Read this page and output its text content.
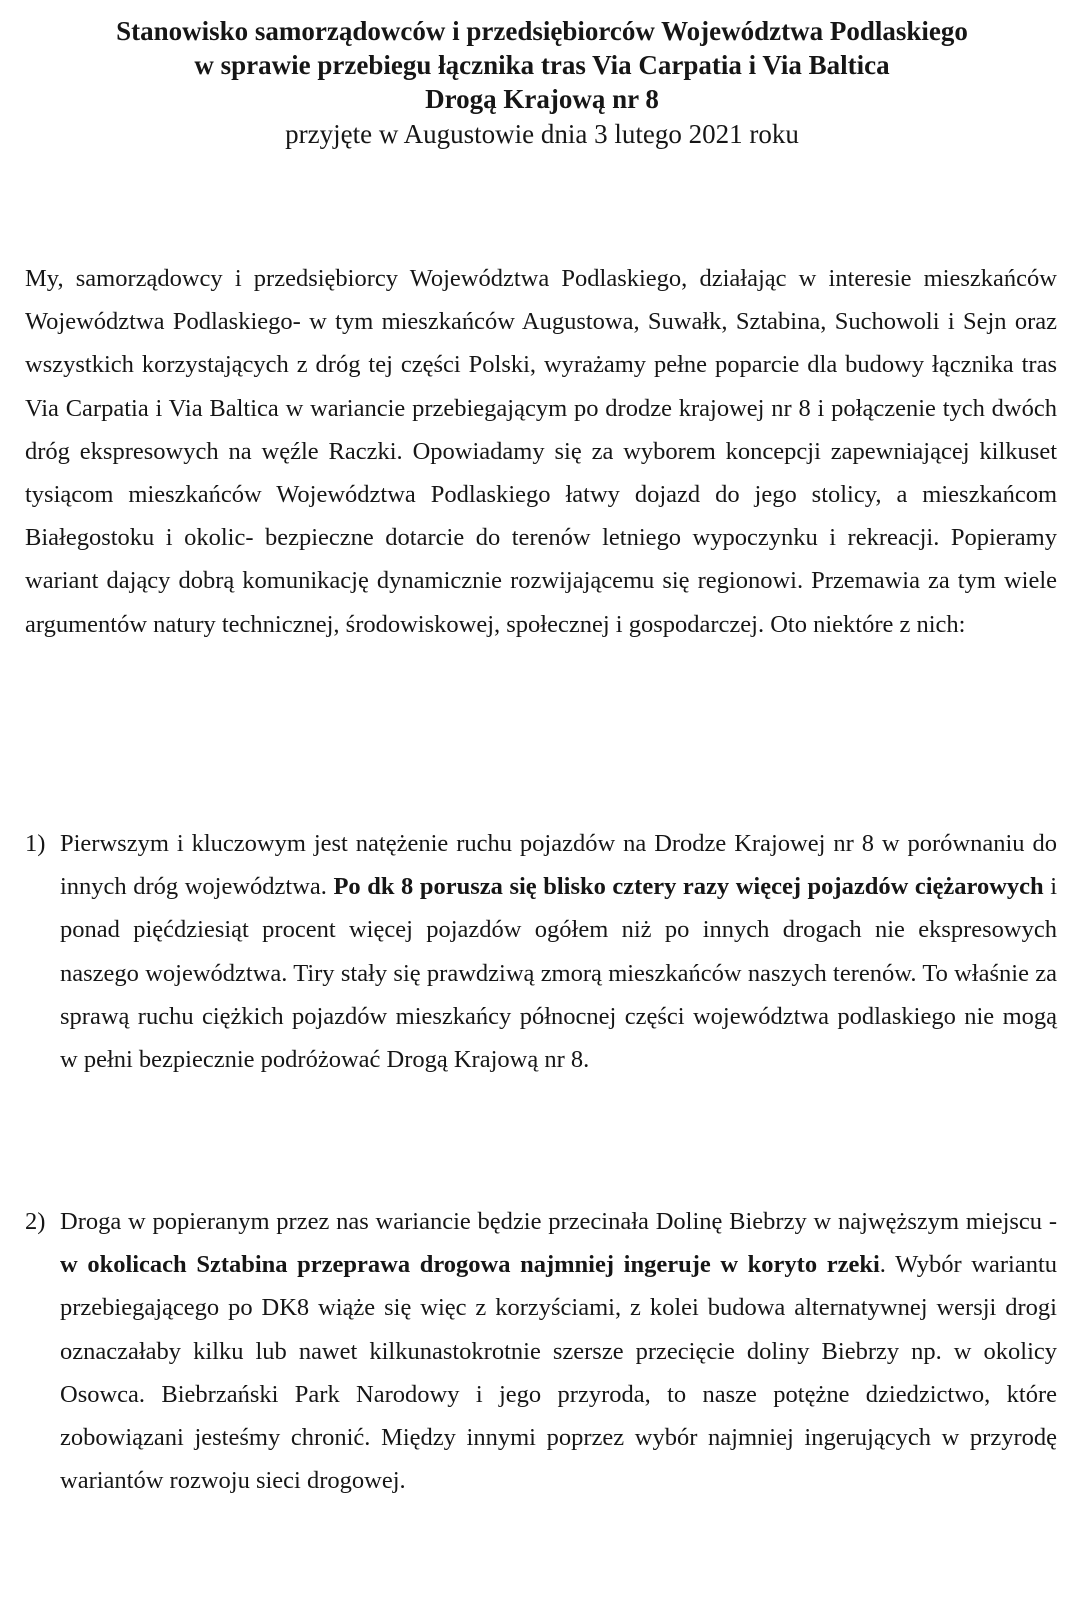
Stanowisko samorządowców i przedsiębiorców Województwa Podlaskiego
w sprawie przebiegu łącznika tras Via Carpatia i Via Baltica
Drogą Krajową nr 8
przyjęte w Augustowie dnia 3 lutego 2021 roku

My, samorządowcy i przedsiębiorcy Województwa Podlaskiego, działając w interesie mieszkańców Województwa Podlaskiego- w tym mieszkańców Augustowa, Suwałk, Sztabina, Suchowoli i Sejn oraz wszystkich korzystających z dróg tej części Polski, wyrażamy pełne poparcie dla budowy łącznika tras Via Carpatia i Via Baltica w wariancie przebiegającym po drodze krajowej nr 8 i połączenie tych dwóch dróg ekspresowych na węźle Raczki. Opowiadamy się za wyborem koncepcji zapewniającej kilkuset tysiącom mieszkańców Województwa Podlaskiego łatwy dojazd do jego stolicy, a mieszkańcom Białegostoku i okolic- bezpieczne dotarcie do terenów letniego wypoczynku i rekreacji. Popieramy wariant dający dobrą komunikację dynamicznie rozwijającemu się regionowi. Przemawia za tym wiele argumentów natury technicznej, środowiskowej, społecznej i gospodarczej. Oto niektóre z nich:

1) Pierwszym i kluczowym jest natężenie ruchu pojazdów na Drodze Krajowej nr 8 w porównaniu do innych dróg województwa. Po dk 8 porusza się blisko cztery razy więcej pojazdów ciężarowych i ponad pięćdziesiąt procent więcej pojazdów ogółem niż po innych drogach nie ekspresowych naszego województwa. Tiry stały się prawdziwą zmorą mieszkańców naszych terenów. To właśnie za sprawą ruchu ciężkich pojazdów mieszkańcy północnej części województwa podlaskiego nie mogą w pełni bezpiecznie podróżować Drogą Krajową nr 8.
2) Droga w popieranym przez nas wariancie będzie przecinała Dolinę Biebrzy w najwęższym miejscu - w okolicach Sztabina przeprawa drogowa najmniej ingeruje w koryto rzeki. Wybór wariantu przebiegającego po DK8 wiąże się więc z korzyściami, z kolei budowa alternatywnej wersji drogi oznaczałaby kilku lub nawet kilkunastokrotnie szersze przecięcie doliny Biebrzy np. w okolicy Osowca. Biebrzański Park Narodowy i jego przyroda, to nasze potężne dziedzictwo, które zobowiązani jesteśmy chronić. Między innymi poprzez wybór najmniej ingerujących w przyrodę wariantów rozwoju sieci drogowej.
